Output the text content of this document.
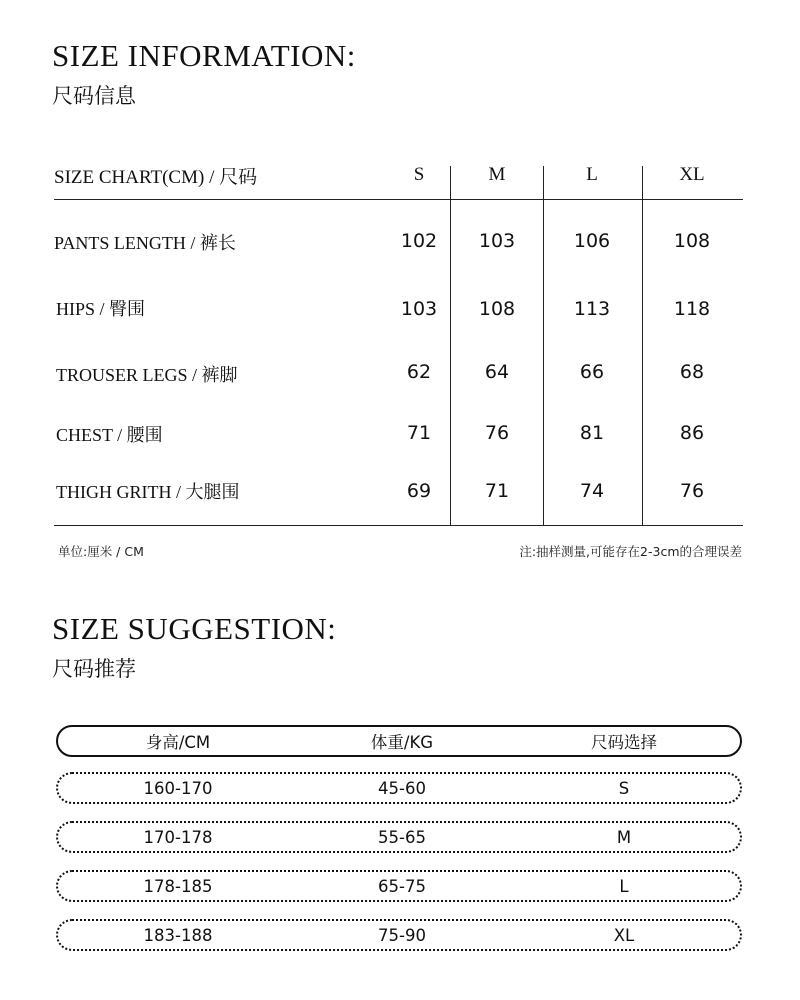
SIZE INFORMATION:
尺码信息
SIZE CHART(CM) / 尺码	S	M	L	XL
PANTS LENGTH / 裤长	102	103	106	108
HIPS / 臀围	103	108	113	118
TROUSER LEGS / 裤脚	62	64	66	68
CHEST / 腰围	71	76	81	86
THIGH GRITH / 大腿围	69	71	74	76
单位:厘米 / CM	注:抽样测量,可能存在2-3cm的合理误差
SIZE SUGGESTION:
尺码推荐
身高/CM	体重/KG	尺码选择
160-170	45-60	S
170-178	55-65	M
178-185	65-75	L
183-188	75-90	XL
